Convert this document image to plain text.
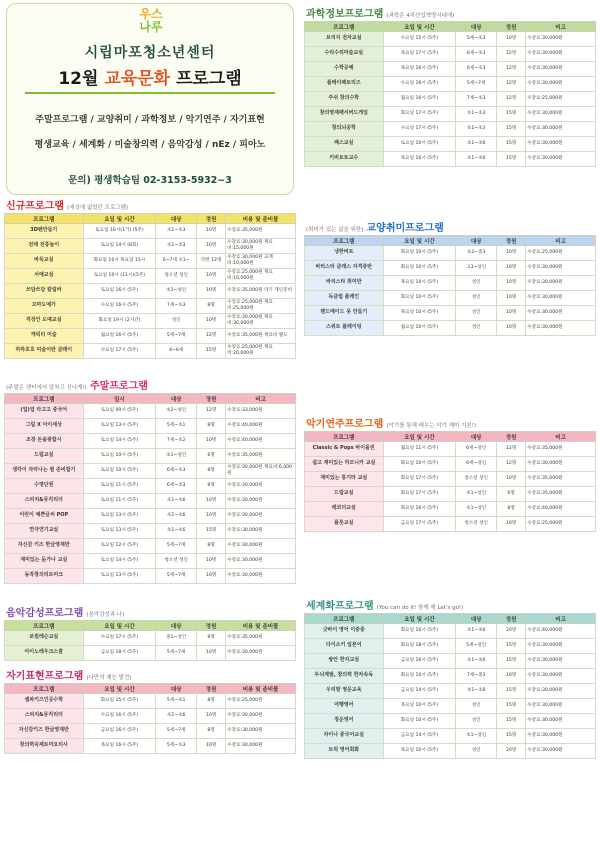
우스
나루
시립마포청소년센터
12월 교육문화 프로그램
주말프로그램 / 교양취미 / 과학정보 / 악기연주 / 자기표현
평생교육 / 세계화 / 미술창의력 / 음악감성 / nEz / 피아노
문의) 평생학습팀 02-3153-5932~3
신규프로그램 (세상에 없었던 프로그램)
프로그램	요일 및 시간	대상	정원	비용 및 준비물
3D펜만들기	토요일 16시(1기) (5주)	초1~초3	10명	수강료:35,000원
전래 전통놀이	토요일 14시 (8회)	초1~초3	10명	수강료:30,000원 재료비:15,000원
바둑교실	화요일 16시 목요일 15시	6~7세 초1~	각반 12명	수강료:30,000원 교재비:10,000원
서예교실	토요일 10시 (11시)(5주)	청소년 성인	10명	수강료:25,000원 재료비:10,000원
쓰담쓰담 칼림바	토요일 16시 (5주)	초1~성인	10명	수강료:35,000원 악기 개인준비
꼬마도예가	수요일 16시 (5주)	7세~초3	8명	수강료:25,000원 재료비:25,000원
직장인 도예교실	화요일 19시 (2시간)	성인	10명	수강료:30,000원 재료비:30,000원
캐릭터 미술	월요일 16시 (5주)	5세~7세	12명	수강료:35,000원 재료비 별도
하하호호 미술이란 클래이	수요일 17시 (5주)	4~6세	15명	수강료:25,000원 재료비:20,000원
(주말은 센터에서 알차고 신나게!) 주말프로그램
프로그램	일시	대상	정원	비고
(업)업 라고고 중국어	토요일 09시 (5주)	초2~성인	12명	수강료:33,000원
그림 X 아이세상	토요일 13시 (5주)	5세~초1	8명	수강료:40,000원
조장 돈솔광합시	토요일 14시 (5주)	7세~초2	10명	수강료:40,000원
드럼교실	토요일 10시 (5주)	초1~성인	6명	수강료:35,000원
생각이 자라나는 필 준비합기	토요일 10시 (5주)	6세~초3	8명	수강료:30,000원 재료비:6,000원
수영단원	토요일 11시 (5주)	6세~초3	8명	수강료:30,000원
스피치&뮤직리더	토요일 11시 (5주)	초1~초6	10명	수강료:30,000원
어린이 예쁜글씨 POP	토요일 13시 (5주)	초1~초6	10명	수강료:30,000원
연극연기교실	토요일 13시 (5주)	초1~초6	15명	수강료:30,000원
자신감 키즈 한글영재반	토요일 12시 (5주)	5세~7세	8명	수강료:30,000원
재미있는 돋가나 교실	토요일 14시 (5주)	청소년 성인	10명	수강료:30,000원
동작창의리트미크	토요일 13시 (5주)	5세~7세	10명	수강료:30,000원
음악감성프로그램 (음악감성과 나)
프로그램	요일 및 시간	대상	정원	비용 및 준비물
보컬레슨교실	수요일 17시 (5주)	중1~성인	8명	수강료:35,000원
아이노래우크스쿨	금요일 18시 (5주)	5세~7세	10명	수강료:30,000원
자기표현프로그램 (나만의 재능 발견)
프로그램	요일 및 시간	대상	정원	비용 및 준비물
셀파키즈인공수학	화요일 15시 (5주)	5세~초1	8명	수강료:25,000원
스피치&뮤직리더	수요일 16시 (5주)	초1~초6	10명	수강료:30,000원
자신감키즈 한글영재반	금요일 16시 (5주)	5세~7세	8명	수강료:30,000원
창의력숙제토마요리사	목요일 16시 (5주)	5세~초3	10명	수강료:30,000원
과학정보프로그램 (과학은 4차산업혁명시대에)
프로그램	요일 및 시간	대상	정원	비고
브리지 전자교실	수요일 15시 (5주)	5세~초3	10명	수강료:30,000원
수리수리마술교실	목요일 17시 (5주)	6세~초3	12명	수강료:30,000원
수학공예	목요일 16시 (5주)	6세~초3	12명	수강료:30,000원
플레이팩토리즈	수요일 16시 (5주)	5세~7세	12명	수강료:30,000원
주쉬 창의수학	월요일 16시 (5주)	7세~초3	12명	수강료:25,000원
창의영재팩서버드게임	화요일 17시 (5주)	초1~초3	15명	수강료:30,000원
창의뇌공학	수요일 17시 (5주)	초1~초3	15명	수강료:30,000원
패스교실	토요일 10시 (5주)	초1~초6	15명	수강료:30,000원
키비토토교수	목요일 16시 (5주)	초1~초6	15명	수강료:30,000원
(취미가 있는 삶을 위한) 교양취미프로그램
프로그램	요일 및 시간	대상	정원	비고
냉한버트	화요일 10시 (5주)	초2~중3	10명	수강료:25,000원
바리스타 클래스 자격증반	화요일 10시 (5주)	고3~성인	10명	수강료:30,000원
바리스타 취미반	목요일 10시 (5주)	성인	10명	수강료:30,000원
독클럽 플레인	화요일 10시 (5주)	성인	10명	수강료:30,000원
핸드메이드 못 만들기	목요일 10시 (5주)	성인	10명	수강료:30,000원
스위트 플레이팅	월요일 10시 (5주)	성인	10명	수강료:30,000원
악기연주프로그램 (악기를 통해 배우는 악기 재미 기본!)
프로그램	요일 및 시간	대상	정원	비고
Classic & Pops 바이올린	월요일 11시 (5주)	6세~성인	12명	수강료:35,000원
쉽고 재미있는 하모니카 교실	화요일 10시 (5주)	6세~성인	12명	수강료:30,000원
재미있는 통기타 교실	화요일 17시 (5주)	청소년 성인	10명	수강료:35,000원
드럼교실	화요일 17시 (5주)	초1~성인	6명	수강료:35,000원
레코더교실	화요일 16시 (5주)	초1~성인	8명	수강료:40,000원
플룻교실	금요일 17시 (5주)	청소년 성인	10명	수강료:25,000원
세계화프로그램 (You can do it! 함께 해 Let's go!)
프로그램	요일 및 시간	대상	정원	비고
굿바이 영어 이중중	화요일 16시 (5주)	초1~초6	20명	수강료:40,000원
다이소키 일본어	화요일 18시 (5주)	5세~성인	15명	수강료:30,000원
쌍안 한자교실	금요일 16시 (5주)	초1~초6	15명	수강료:30,000원
두뇌계발, 창의력 한자속독	화요일 14시 (5주)	7세~중3	10명	수강료:30,000원
우리말 영문교육	금요일 14시 (5주)	초1~초6	15명	수강료:30,000원
여행영어	목요일 10시 (5주)	성인	15명	수강료:30,000원
정운영어	화요일 10시 (5주)	성인	15명	수강료:30,000원
차이나 중국어교실	금요일 14시 (5주)	초1~성인	15명	수강료:30,000원
트럭 영어회화	목요일 10시 (5주)	성인	20명	수강료:30,000원
